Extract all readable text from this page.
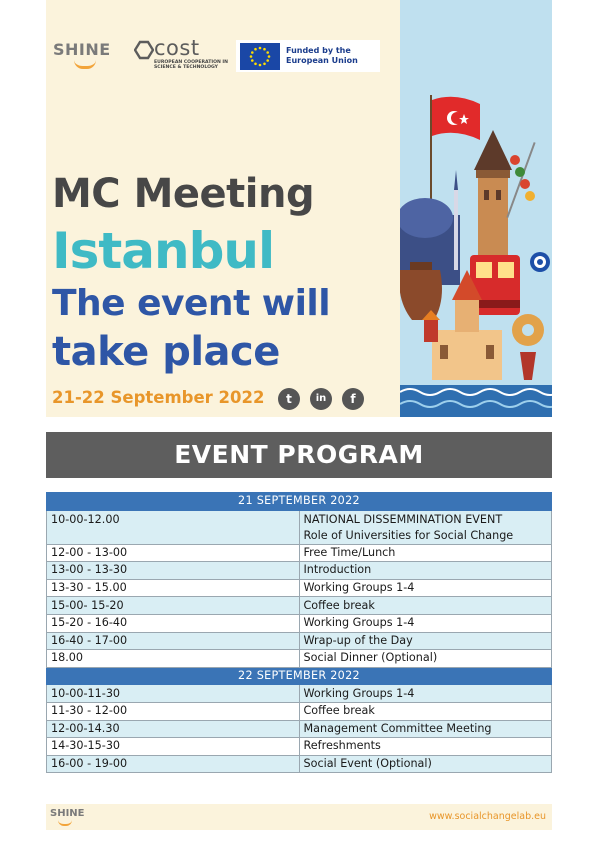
SHINE cost
EUROPEAN COOPERATION IN SCIENCE & TECHNOLOGY
Funded by the European Union
MC Meeting
Istanbul
The event will
take place
21-22 September 2022	t	in	f
EVENT PROGRAM
21 SEPTEMBER 2022	
10-00-12.00	NATIONAL DISSEMMINATION EVENT
Role of Universities for Social Change

12-00 - 13-00	Free Time/Lunch
13-00 - 13-30	Introduction
13-30 - 15.00	Working Groups 1-4
15-00- 15-20	Coffee break
15-20 - 16-40	Working Groups 1-4
16-40 - 17-00	Wrap-up of the Day
18.00	Social Dinner (Optional)
22 SEPTEMBER 2022	
10-00-11-30	Working Groups 1-4
11-30 - 12-00	Coffee break
12-00-14.30	Management Committee Meeting
14-30-15-30	Refreshments
16-00 - 19-00	Social Event (Optional)
SHINE	www.socialchangelab.eu
